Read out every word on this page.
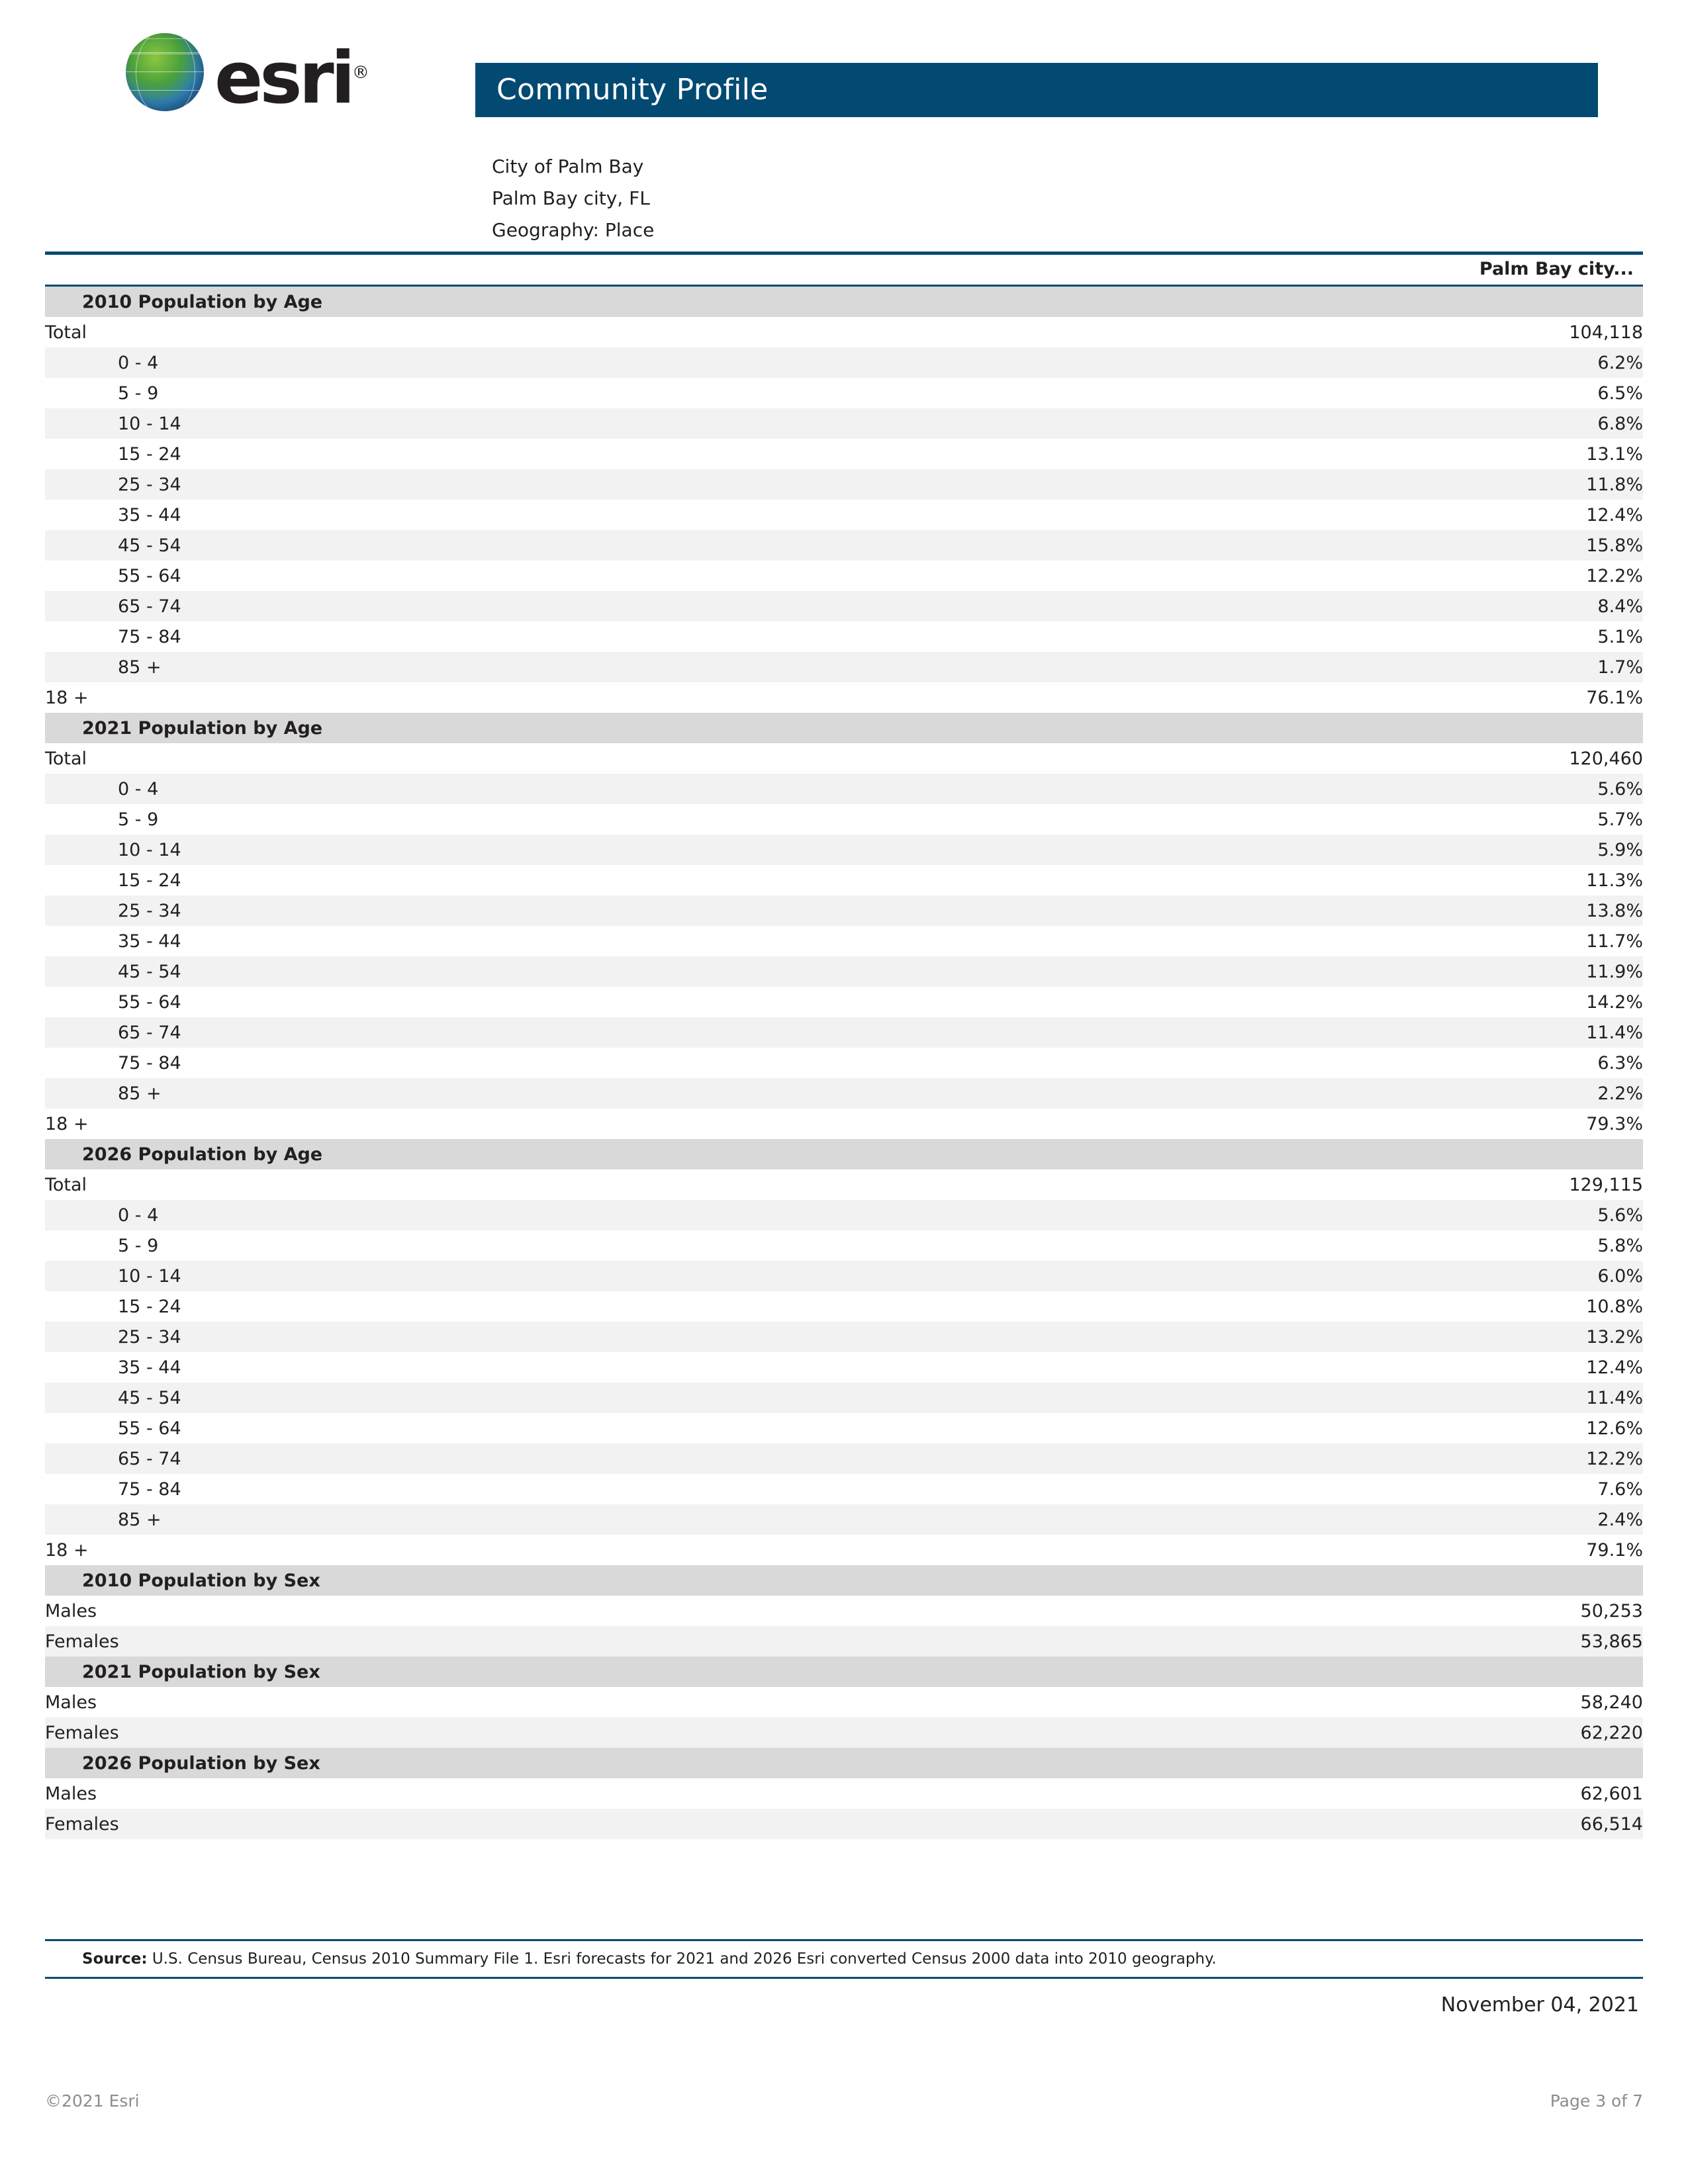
esri®	Community Profile
City of Palm Bay
Palm Bay city, FL
Geography: Place
Palm Bay city...
2010 Population by Age	
Total	104,118
0 - 4	6.2%
5 - 9	6.5%
10 - 14	6.8%
15 - 24	13.1%
25 - 34	11.8%
35 - 44	12.4%
45 - 54	15.8%
55 - 64	12.2%
65 - 74	8.4%
75 - 84	5.1%
85 +	1.7%
18 +	76.1%
2021 Population by Age	
Total	120,460
0 - 4	5.6%
5 - 9	5.7%
10 - 14	5.9%
15 - 24	11.3%
25 - 34	13.8%
35 - 44	11.7%
45 - 54	11.9%
55 - 64	14.2%
65 - 74	11.4%
75 - 84	6.3%
85 +	2.2%
18 +	79.3%
2026 Population by Age	
Total	129,115
0 - 4	5.6%
5 - 9	5.8%
10 - 14	6.0%
15 - 24	10.8%
25 - 34	13.2%
35 - 44	12.4%
45 - 54	11.4%
55 - 64	12.6%
65 - 74	12.2%
75 - 84	7.6%
85 +	2.4%
18 +	79.1%
2010 Population by Sex	
Males	50,253
Females	53,865
2021 Population by Sex	
Males	58,240
Females	62,220
2026 Population by Sex	
Males	62,601
Females	66,514
Source: U.S. Census Bureau, Census 2010 Summary File 1. Esri forecasts for 2021 and 2026 Esri converted Census 2000 data into 2010 geography.
November 04, 2021
©2021 Esri	Page 3 of 7
